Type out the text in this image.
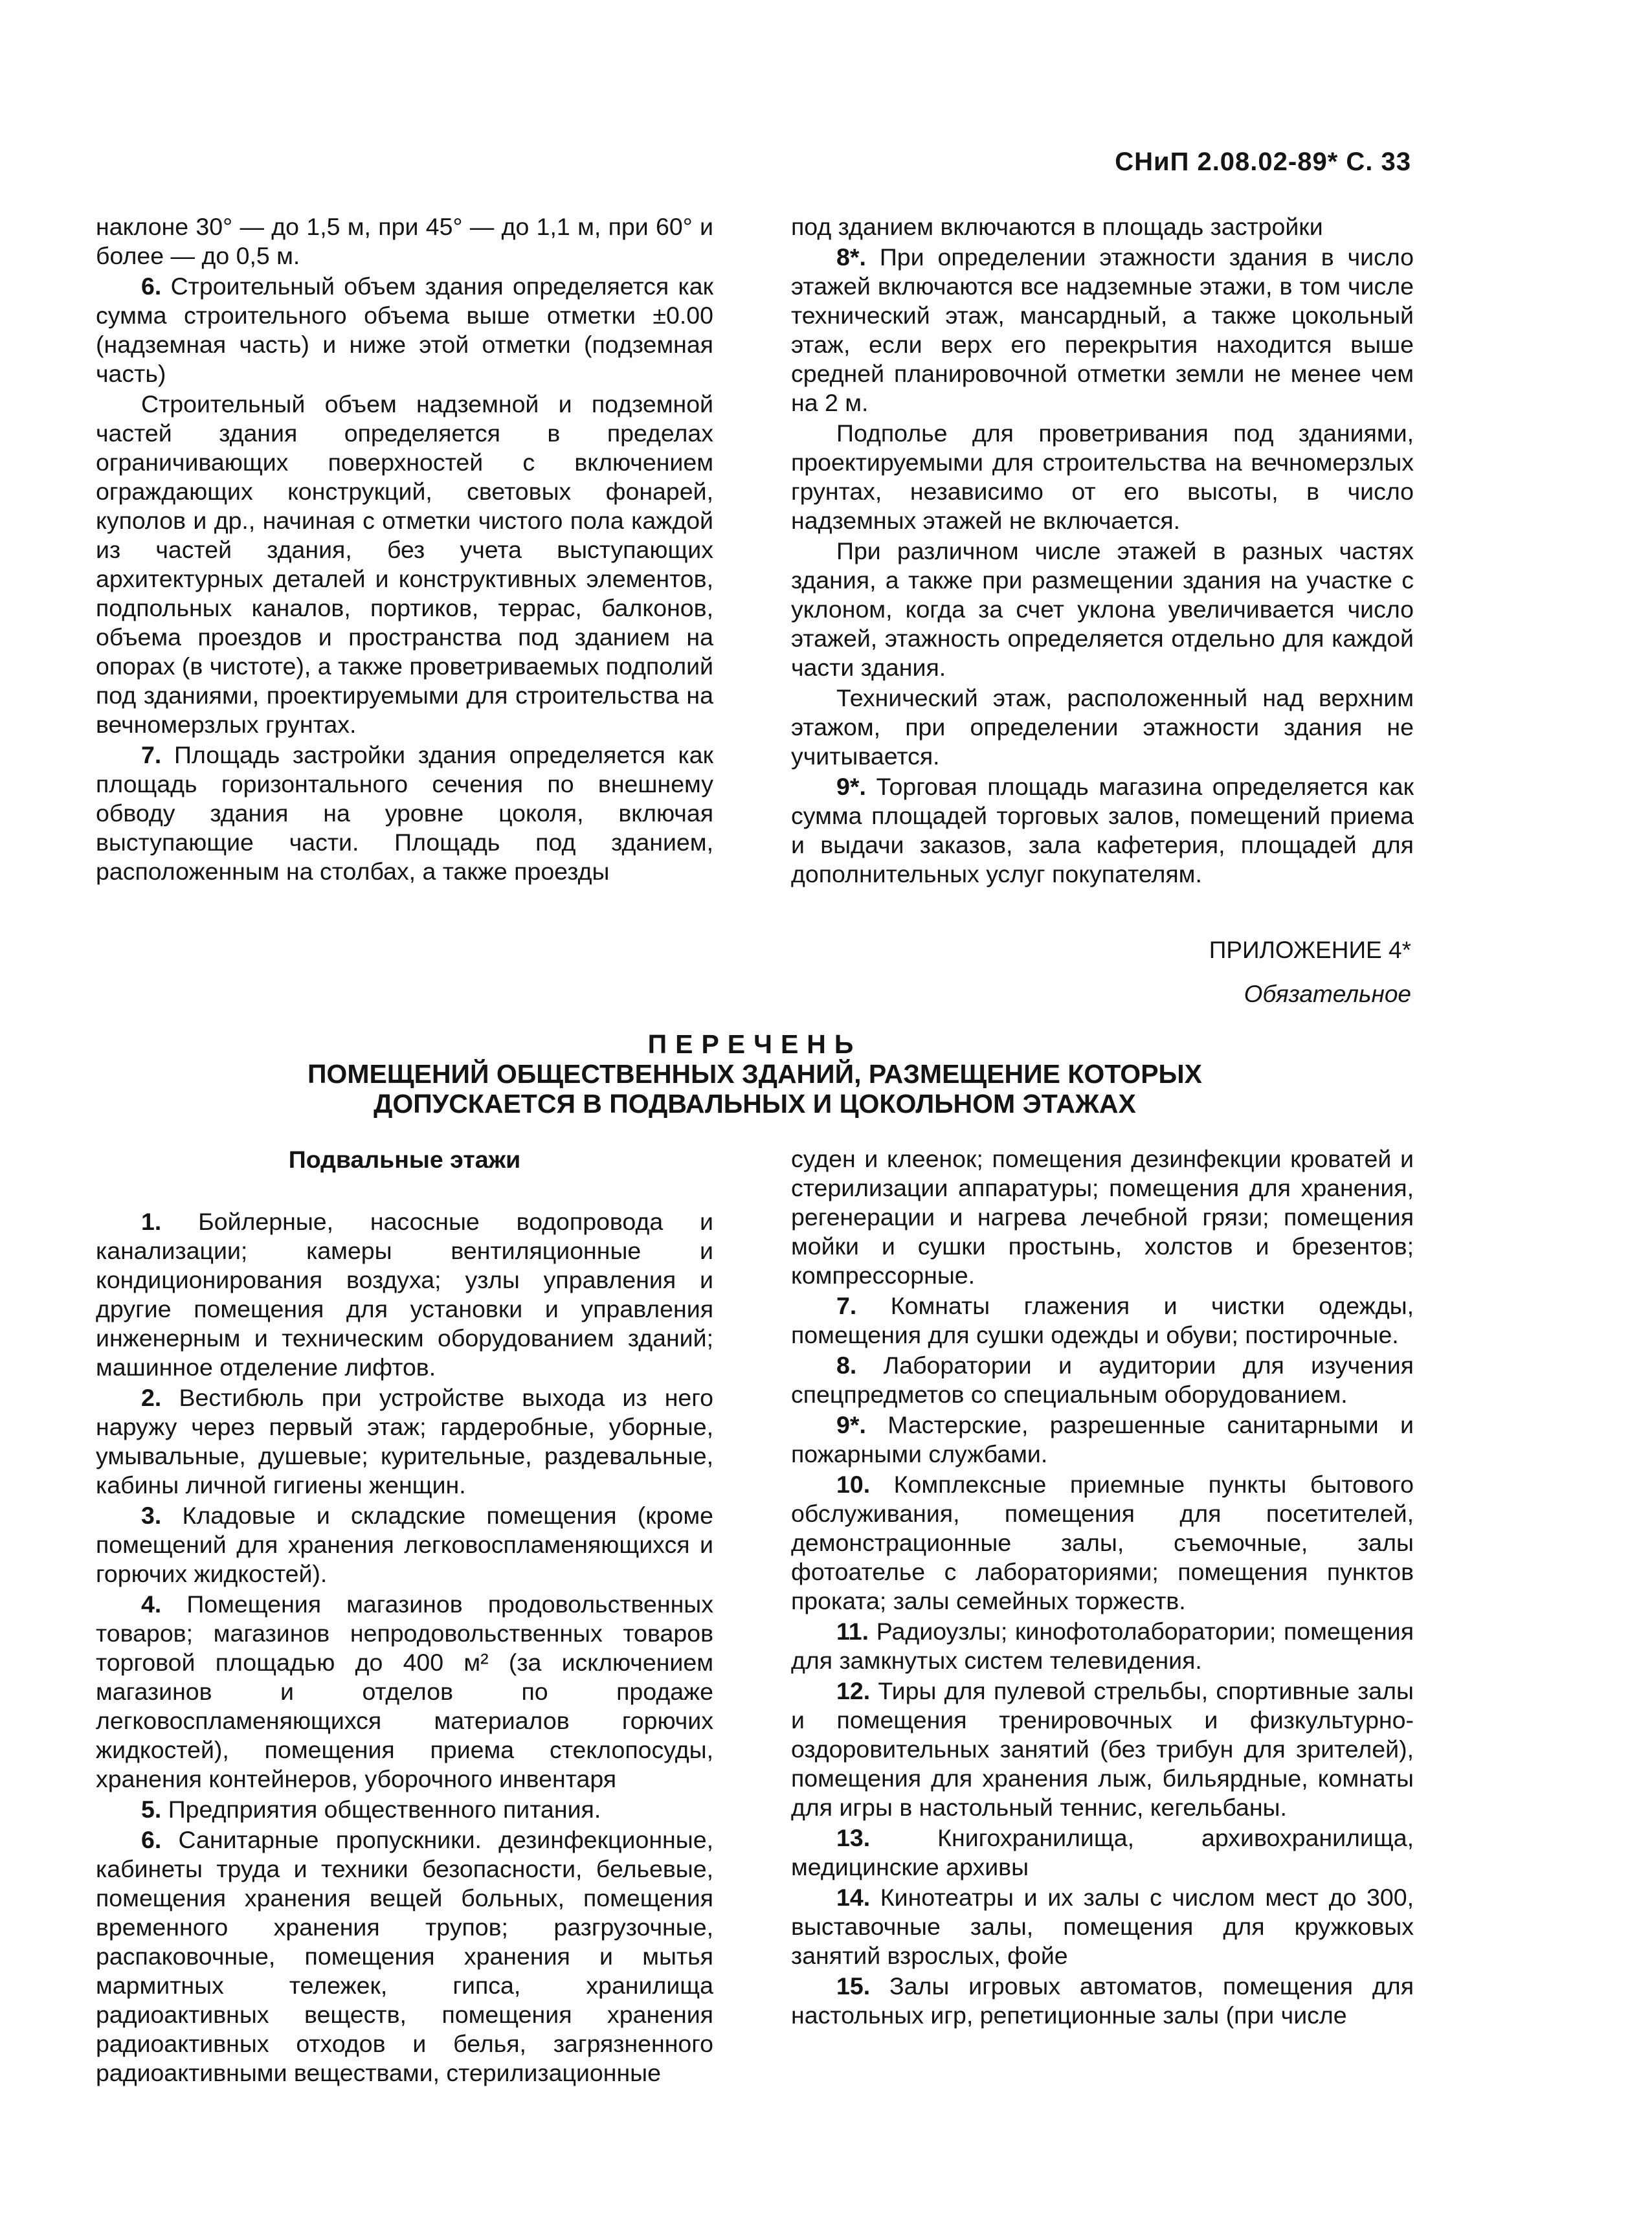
СНиП 2.08.02-89* С. 33

наклоне 30° — до 1,5 м, при 45° — до 1,1 м, при 60° и более — до 0,5 м.

6. Строительный объем здания определяется как сумма строительного объема выше отметки ±0.00 (надземная часть) и ниже этой отметки (подземная часть)

Строительный объем надземной и подземной частей здания определяется в пределах ограничивающих поверхностей с включением ограждающих конструкций, световых фонарей, куполов и др., начиная с отметки чистого пола каждой из частей здания, без учета выступающих архитектурных деталей и конструктивных элементов, подпольных каналов, портиков, террас, балконов, объема проездов и пространства под зданием на опорах (в чистоте), а также проветриваемых подполий под зданиями, проектируемыми для строительства на вечномерзлых грунтах.

7. Площадь застройки здания определяется как площадь горизонтального сечения по внешнему обводу здания на уровне цоколя, включая выступающие части. Площадь под зданием, расположенным на столбах, а также проезды

под зданием включаются в площадь застройки

8*. При определении этажности здания в число этажей включаются все надземные этажи, в том числе технический этаж, мансардный, а также цокольный этаж, если верх его перекрытия находится выше средней планировочной отметки земли не менее чем на 2 м.

Подполье для проветривания под зданиями, проектируемыми для строительства на вечномерзлых грунтах, независимо от его высоты, в число надземных этажей не включается.

При различном числе этажей в разных частях здания, а также при размещении здания на участке с уклоном, когда за счет уклона увеличивается число этажей, этажность определяется отдельно для каждой части здания.

Технический этаж, расположенный над верхним этажом, при определении этажности здания не учитывается.

9*. Торговая площадь магазина определяется как сумма площадей торговых залов, помещений приема и выдачи заказов, зала кафетерия, площадей для дополнительных услуг покупателям.

ПРИЛОЖЕНИЕ 4*
Обязательное
ПЕРЕЧЕНЬ
ПОМЕЩЕНИЙ ОБЩЕСТВЕННЫХ ЗДАНИЙ, РАЗМЕЩЕНИЕ КОТОРЫХ
ДОПУСКАЕТСЯ В ПОДВАЛЬНЫХ И ЦОКОЛЬНОМ ЭТАЖАХ
Подвальные этажи

1. Бойлерные, насосные водопровода и канализации; камеры вентиляционные и кондиционирования воздуха; узлы управления и другие помещения для установки и управления инженерным и техническим оборудованием зданий; машинное отделение лифтов.

2. Вестибюль при устройстве выхода из него наружу через первый этаж; гардеробные, уборные, умывальные, душевые; курительные, раздевальные, кабины личной гигиены женщин.

3. Кладовые и складские помещения (кроме помещений для хранения легковоспламеняющихся и горючих жидкостей).

4. Помещения магазинов продовольственных товаров; магазинов непродовольственных товаров торговой площадью до 400 м² (за исключением магазинов и отделов по продаже легковоспламеняющихся материалов горючих жидкостей), помещения приема стеклопосуды, хранения контейнеров, уборочного инвентаря

5. Предприятия общественного питания.

6. Санитарные пропускники. дезинфекционные, кабинеты труда и техники безопасности, бельевые, помещения хранения вещей больных, помещения временного хранения трупов; разгрузочные, распаковочные, помещения хранения и мытья мармитных тележек, гипса, хранилища радиоактивных веществ, помещения хранения радиоактивных отходов и белья, загрязненного радиоактивными веществами, стерилизационные

суден и клеенок; помещения дезинфекции кроватей и стерилизации аппаратуры; помещения для хранения, регенерации и нагрева лечебной грязи; помещения мойки и сушки простынь, холстов и брезентов; компрессорные.

7. Комнаты глажения и чистки одежды, помещения для сушки одежды и обуви; постирочные.

8. Лаборатории и аудитории для изучения спецпредметов со специальным оборудованием.

9*. Мастерские, разрешенные санитарными и пожарными службами.

10. Комплексные приемные пункты бытового обслуживания, помещения для посетителей, демонстрационные залы, съемочные, залы фотоателье с лабораториями; помещения пунктов проката; залы семейных торжеств.

11. Радиоузлы; кинофотолаборатории; помещения для замкнутых систем телевидения.

12. Тиры для пулевой стрельбы, спортивные залы и помещения тренировочных и физкультурно-оздоровительных занятий (без трибун для зрителей), помещения для хранения лыж, бильярдные, комнаты для игры в настольный теннис, кегельбаны.

13. Книгохранилища, архивохранилища, медицинские архивы

14. Кинотеатры и их залы с числом мест до 300, выставочные залы, помещения для кружковых занятий взрослых, фойе

15. Залы игровых автоматов, помещения для настольных игр, репетиционные залы (при числе
